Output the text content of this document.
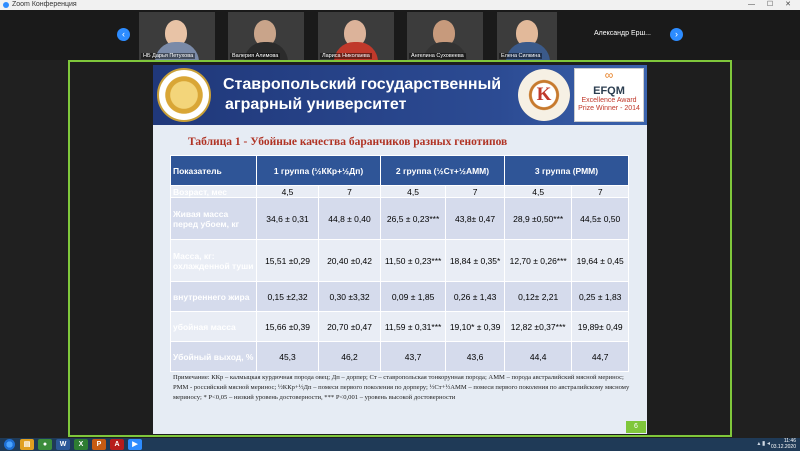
Zoom Конференция	— ☐ ✕
‹
НБ Дарья Петухова	Валерия Алимова	Лариса Николаева	Ангелина Суховеева	Елена Силкина
Александр Ерш...	›
Ставропольский государственный
аграрный университет	K
∞
EFQM
Excellence Award
Prize Winner - 2014
Таблица 1 - Убойные качества баранчиков разных генотипов
Показатель	1 группа (½ККр+½Дп)		2 группа (½Ст+½АММ)		3 группа (РММ)	
Возраст, мес	4,5	7	4,5	7	4,5	7
Живая масса перед убоем, кг	34,6 ± 0,31	44,8 ± 0,40	26,5 ± 0,23***	43,8± 0,47	28,9 ±0,50***	44,5± 0,50
Масса, кг: охлажденной туши	15,51 ±0,29	20,40 ±0,42	11,50 ± 0,23***	18,84 ± 0,35*	12,70 ± 0,26***	19,64 ± 0,45
внутреннего жира	0,15 ±2,32	0,30 ±3,32	0,09 ± 1,85	0,26 ± 1,43	0,12± 2,21	0,25 ± 1,83
убойная масса	15,66 ±0,39	20,70 ±0,47	11,59 ± 0,31***	19,10* ± 0,39	12,82 ±0,37***	19,89± 0,49
Убойный выход, %	45,3	46,2	43,7	43,6	44,4	44,7
Примечание: ККр – калмыцкая курдючная порода овец; Дп – дорпер; Ст – ставропольская тонкорунная порода; АММ – порода австралийский мясной меринос; РММ - российский мясной меринос; ½ККр+½Дп – помеси первого поколения по дорперу; ½Ст+½АММ – помеси первого поколения по австралийскому мясному мериносу; * P<0,05 – низкий уровень достоверности, *** P<0,001 – уровень высокой достоверности
6
▤	●	W	X	P	A	▶	▴ ▮ ◂	11:46
03.12.2020
